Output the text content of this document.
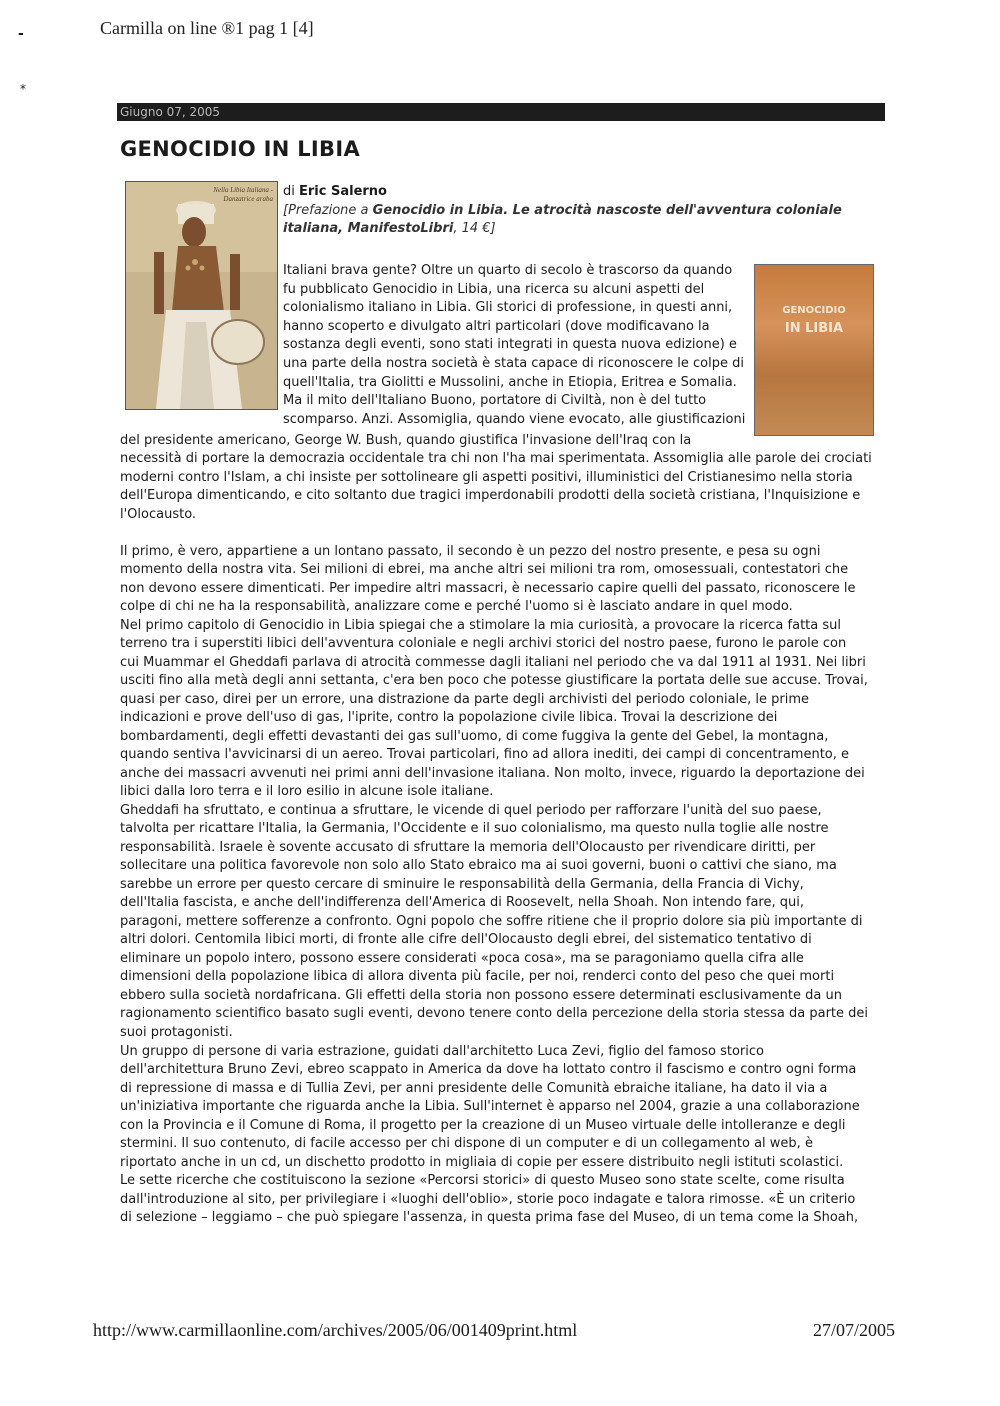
-
*
Carmilla on line ®1 pag 1 [4]
Giugno 07, 2005
GENOCIDIO IN LIBIA
Nella Libia Italiana -
Danzatrice araba
GENOCIDIO
IN LIBIA
di Eric Salerno
[Prefazione a Genocidio in Libia. Le atrocità nascoste dell'avventura coloniale italiana, ManifestoLibri, 14 €]
Italiani brava gente? Oltre un quarto di secolo è trascorso da quando fu pubblicato Genocidio in Libia, una ricerca su alcuni aspetti del colonialismo italiano in Libia. Gli storici di professione, in questi anni, hanno scoperto e divulgato altri particolari (dove modificavano la sostanza degli eventi, sono stati integrati in questa nuova edizione) e una parte della nostra società è stata capace di riconoscere le colpe di quell'Italia, tra Giolitti e Mussolini, anche in Etiopia, Eritrea e Somalia. Ma il mito dell'Italiano Buono, portatore di Civiltà, non è del tutto scomparso. Anzi. Assomiglia, quando viene evocato, alle giustificazioni
del presidente americano, George W. Bush, quando giustifica l'invasione dell'Iraq con la
necessità di portare la democrazia occidentale tra chi non l'ha mai sperimentata. Assomiglia alle parole dei crociati
moderni contro l'Islam, a chi insiste per sottolineare gli aspetti positivi, illuministici del Cristianesimo nella storia
dell'Europa dimenticando, e cito soltanto due tragici imperdonabili prodotti della società cristiana, l'Inquisizione e
l'Olocausto.
Il primo, è vero, appartiene a un lontano passato, il secondo è un pezzo del nostro presente, e pesa su ogni
momento della nostra vita. Sei milioni di ebrei, ma anche altri sei milioni tra rom, omosessuali, contestatori che
non devono essere dimenticati. Per impedire altri massacri, è necessario capire quelli del passato, riconoscere le
colpe di chi ne ha la responsabilità, analizzare come e perché l'uomo si è lasciato andare in quel modo.
Nel primo capitolo di Genocidio in Libia spiegai che a stimolare la mia curiosità, a provocare la ricerca fatta sul
terreno tra i superstiti libici dell'avventura coloniale e negli archivi storici del nostro paese, furono le parole con
cui Muammar el Gheddafi parlava di atrocità commesse dagli italiani nel periodo che va dal 1911 al 1931. Nei libri
usciti fino alla metà degli anni settanta, c'era ben poco che potesse giustificare la portata delle sue accuse. Trovai,
quasi per caso, direi per un errore, una distrazione da parte degli archivisti del periodo coloniale, le prime
indicazioni e prove dell'uso di gas, l'iprite, contro la popolazione civile libica. Trovai la descrizione dei
bombardamenti, degli effetti devastanti dei gas sull'uomo, di come fuggiva la gente del Gebel, la montagna,
quando sentiva l'avvicinarsi di un aereo. Trovai particolari, fino ad allora inediti, dei campi di concentramento, e
anche dei massacri avvenuti nei primi anni dell'invasione italiana. Non molto, invece, riguardo la deportazione dei
libici dalla loro terra e il loro esilio in alcune isole italiane.
Gheddafi ha sfruttato, e continua a sfruttare, le vicende di quel periodo per rafforzare l'unità del suo paese,
talvolta per ricattare l'Italia, la Germania, l'Occidente e il suo colonialismo, ma questo nulla toglie alle nostre
responsabilità. Israele è sovente accusato di sfruttare la memoria dell'Olocausto per rivendicare diritti, per
sollecitare una politica favorevole non solo allo Stato ebraico ma ai suoi governi, buoni o cattivi che siano, ma
sarebbe un errore per questo cercare di sminuire le responsabilità della Germania, della Francia di Vichy,
dell'Italia fascista, e anche dell'indifferenza dell'America di Roosevelt, nella Shoah. Non intendo fare, qui,
paragoni, mettere sofferenze a confronto. Ogni popolo che soffre ritiene che il proprio dolore sia più importante di
altri dolori. Centomila libici morti, di fronte alle cifre dell'Olocausto degli ebrei, del sistematico tentativo di
eliminare un popolo intero, possono essere considerati «poca cosa», ma se paragoniamo quella cifra alle
dimensioni della popolazione libica di allora diventa più facile, per noi, renderci conto del peso che quei morti
ebbero sulla società nordafricana. Gli effetti della storia non possono essere determinati esclusivamente da un
ragionamento scientifico basato sugli eventi, devono tenere conto della percezione della storia stessa da parte dei
suoi protagonisti.
Un gruppo di persone di varia estrazione, guidati dall'architetto Luca Zevi, figlio del famoso storico
dell'architettura Bruno Zevi, ebreo scappato in America da dove ha lottato contro il fascismo e contro ogni forma
di repressione di massa e di Tullia Zevi, per anni presidente delle Comunità ebraiche italiane, ha dato il via a
un'iniziativa importante che riguarda anche la Libia. Sull'internet è apparso nel 2004, grazie a una collaborazione
con la Provincia e il Comune di Roma, il progetto per la creazione di un Museo virtuale delle intolleranze e degli
stermini. Il suo contenuto, di facile accesso per chi dispone di un computer e di un collegamento al web, è
riportato anche in un cd, un dischetto prodotto in migliaia di copie per essere distribuito negli istituti scolastici.
Le sette ricerche che costituiscono la sezione «Percorsi storici» di questo Museo sono state scelte, come risulta
dall'introduzione al sito, per privilegiare i «luoghi dell'oblio», storie poco indagate e talora rimosse. «È un criterio
di selezione – leggiamo – che può spiegare l'assenza, in questa prima fase del Museo, di un tema come la Shoah,
http://www.carmillaonline.com/archives/2005/06/001409print.html	27/07/2005
